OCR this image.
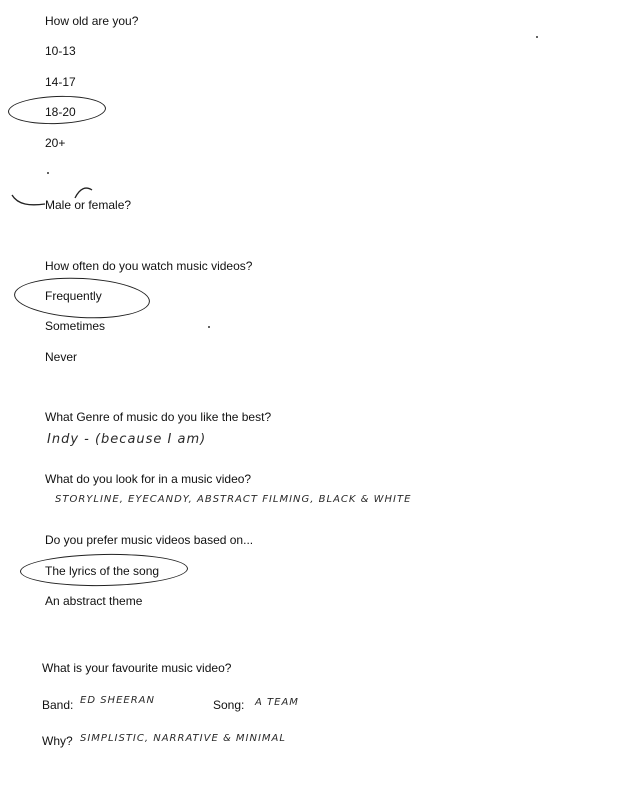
How old are you?
10-13
14-17
18-20
20+
Male or female?
How often do you watch music videos?
Frequently
Sometimes
Never
What Genre of music do you like the best?
Indy - (because I am)
What do you look for in a music video?
STORYLINE, EYECANDY, ABSTRACT FILMING, BLACK & WHITE
Do you prefer music videos based on...
The lyrics of the song
An abstract theme
What is your favourite music video?
Band: ED SHEERAN	Song: A TEAM
Why? SIMPLISTIC, NARRATIVE & MINIMAL
